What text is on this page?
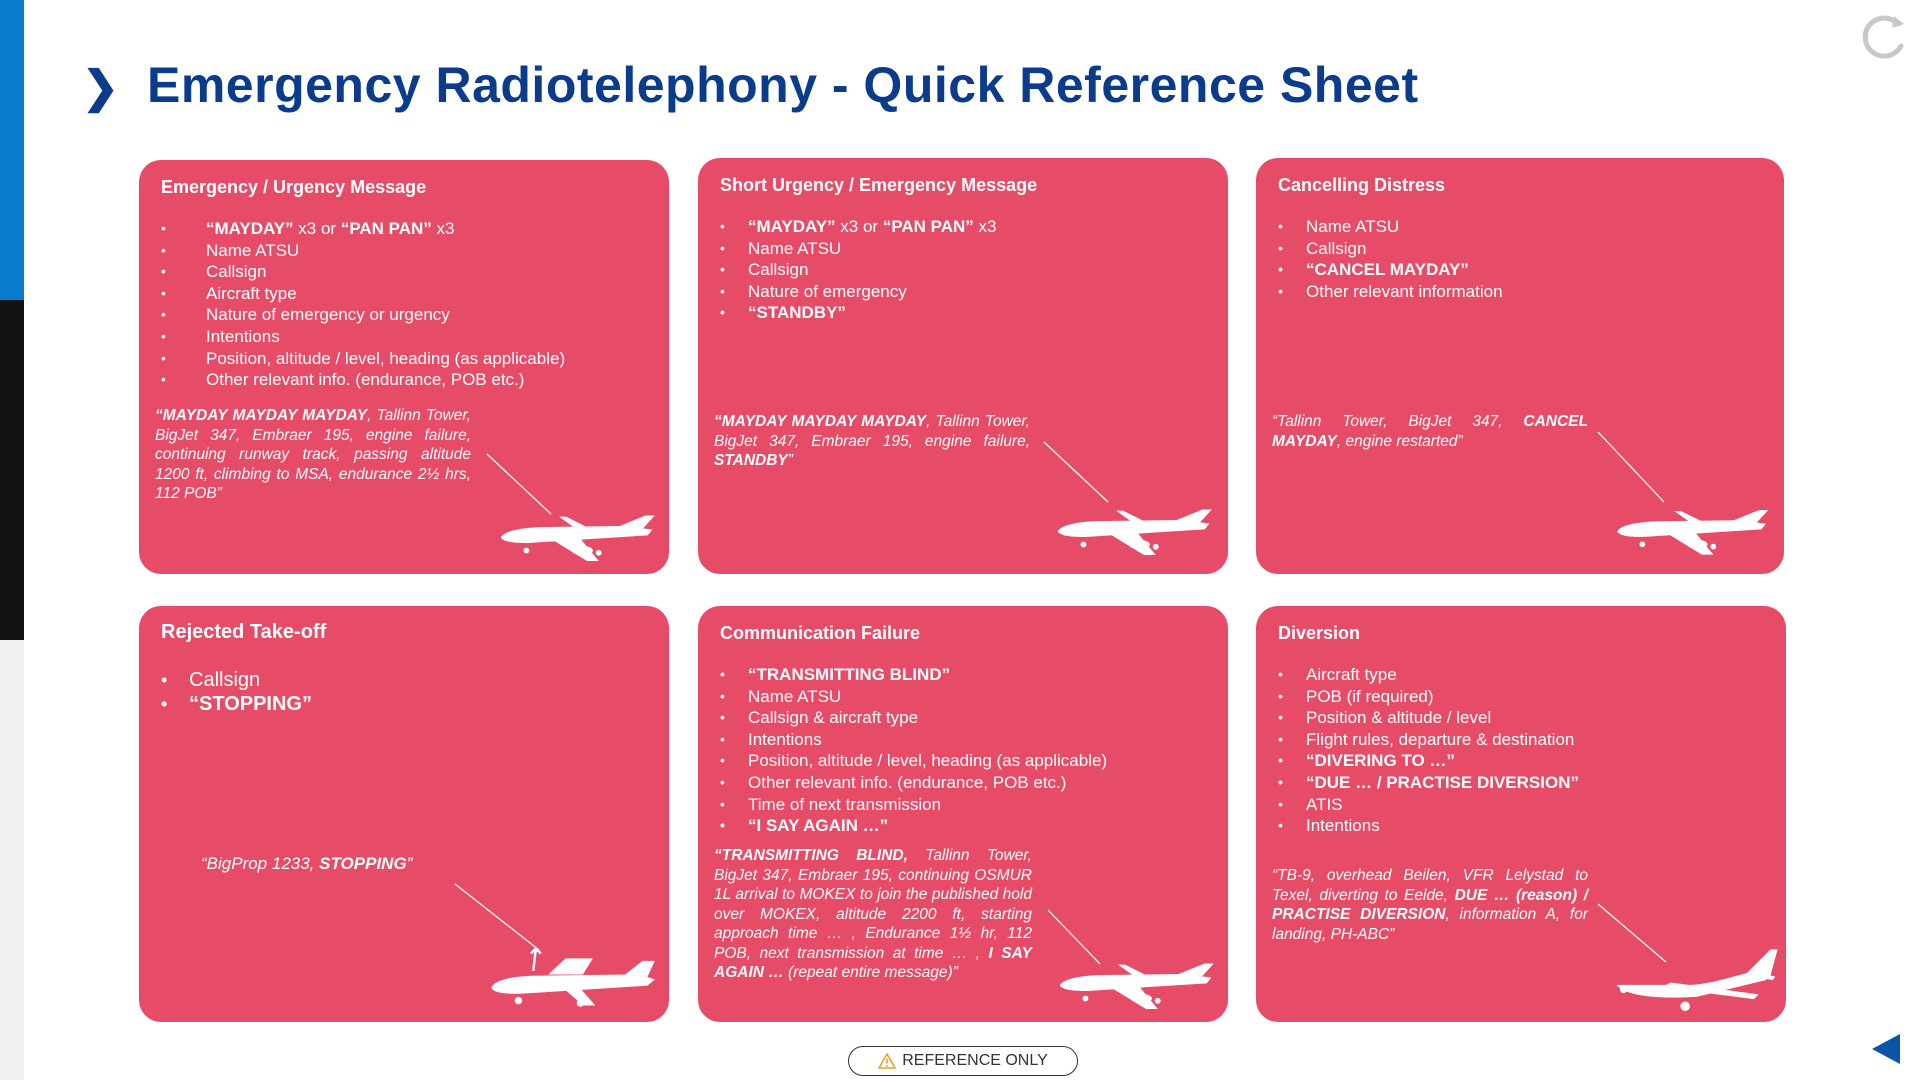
❯ Emergency Radiotelephony - Quick Reference Sheet
Emergency / Urgency Message
• “MAYDAY” x3 or “PAN PAN” x3
• Name ATSU
• Callsign
• Aircraft type
• Nature of emergency or urgency
• Intentions
• Position, altitude / level, heading (as applicable)
• Other relevant info. (endurance, POB etc.)

“MAYDAY MAYDAY MAYDAY, Tallinn Tower, BigJet 347, Embraer 195, engine failure, continuing runway track, passing altitude 1200 ft, climbing to MSA, endurance 2½ hrs, 112 POB”

Short Urgency / Emergency Message
• “MAYDAY” x3 or “PAN PAN” x3
• Name ATSU
• Callsign
• Nature of emergency
• “STANDBY”

“MAYDAY MAYDAY MAYDAY, Tallinn Tower, BigJet 347, Embraer 195, engine failure, STANDBY”

Cancelling Distress
• Name ATSU
• Callsign
• “CANCEL MAYDAY”
• Other relevant information

“Tallinn Tower, BigJet 347, CANCEL MAYDAY, engine restarted”

Rejected Take-off
• Callsign
• “STOPPING”

“BigProp 1233, STOPPING”

Communication Failure
• “TRANSMITTING BLIND”
• Name ATSU
• Callsign & aircraft type
• Intentions
• Position, altitude / level, heading (as applicable)
• Other relevant info. (endurance, POB etc.)
• Time of next transmission
• “I SAY AGAIN …”

“TRANSMITTING BLIND, Tallinn Tower, BigJet 347, Embraer 195, continuing OSMUR 1L arrival to MOKEX to join the published hold over MOKEX, altitude 2200 ft, starting approach time … , Endurance 1½ hr, 112 POB, next transmission at time … , I SAY AGAIN … (repeat entire message)”

Diversion
• Aircraft type
• POB (if required)
• Position & altitude / level
• Flight rules, departure & destination
• “DIVERING TO …”
• “DUE … / PRACTISE DIVERSION”
• ATIS
• Intentions

“TB-9, overhead Beilen, VFR Lelystad to Texel, diverting to Eelde, DUE … (reason) / PRACTISE DIVERSION, information A, for landing, PH-ABC”

REFERENCE ONLY
